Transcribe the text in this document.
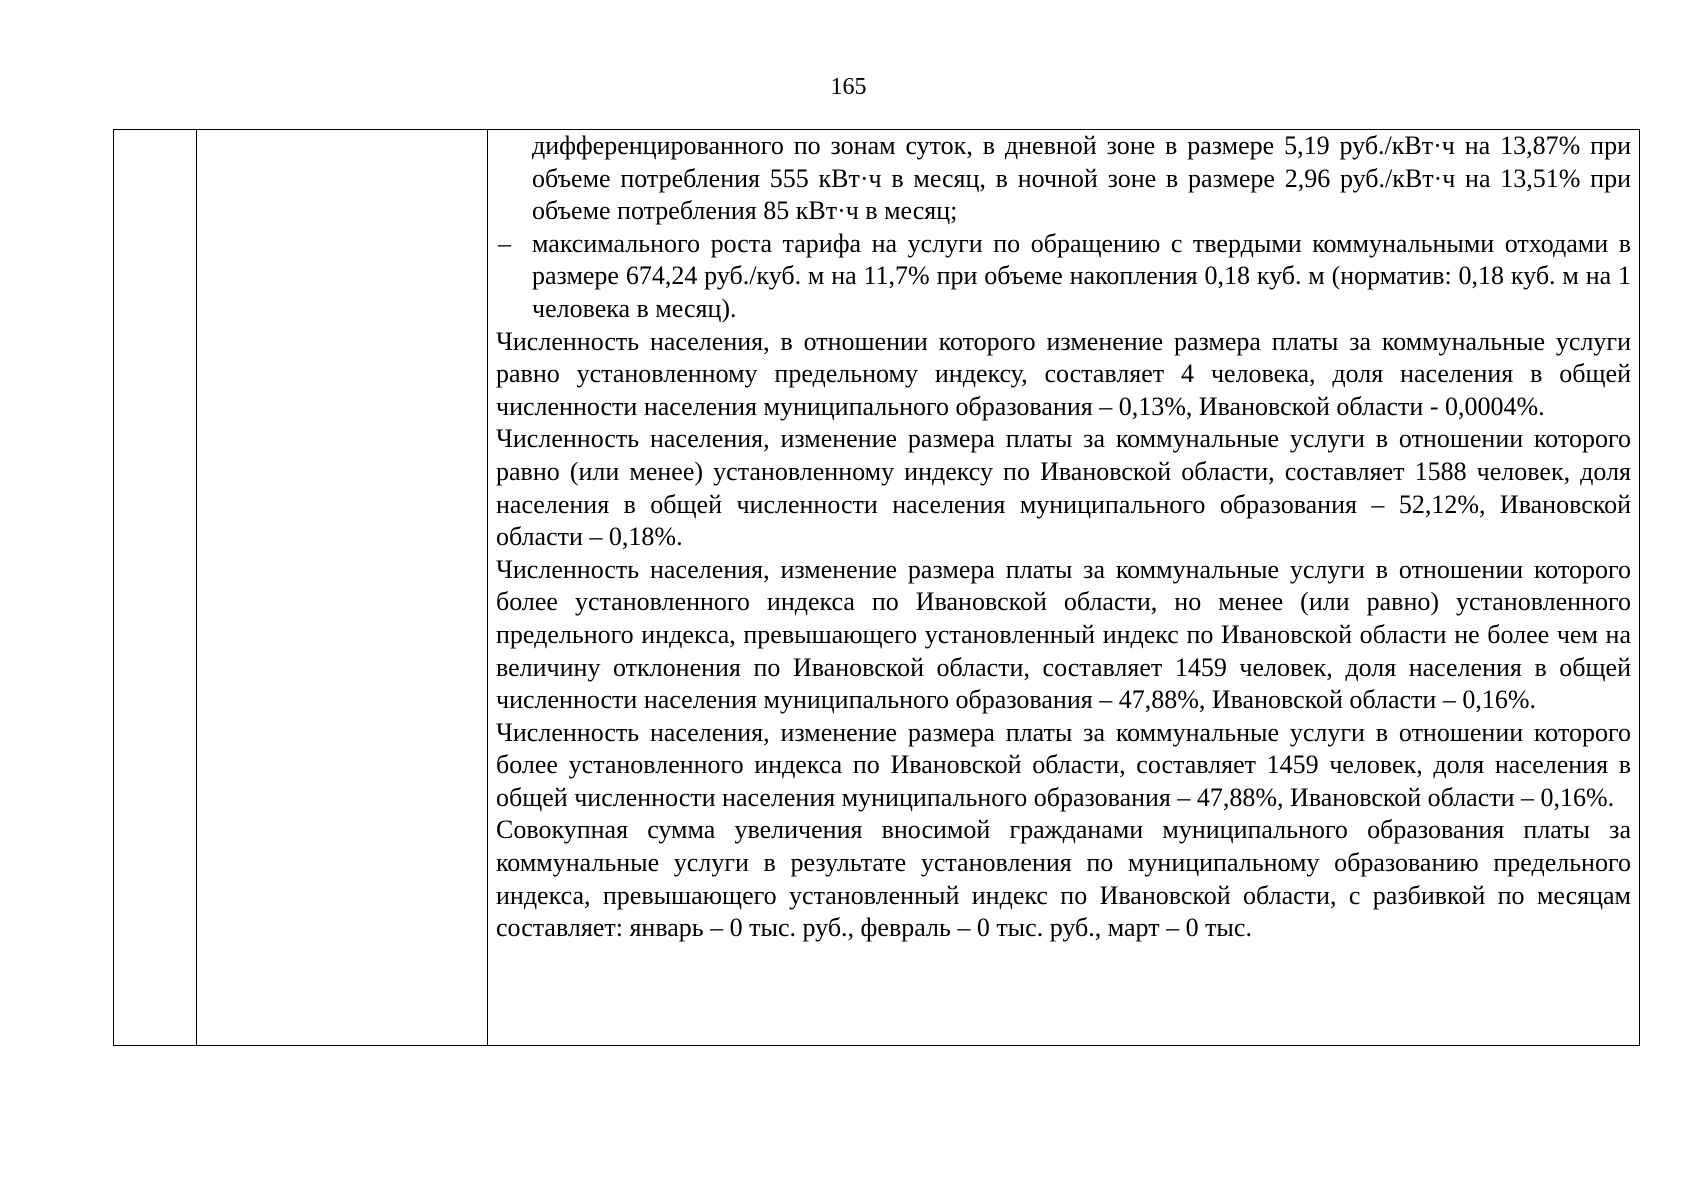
165

дифференцированного по зонам суток, в дневной зоне в размере 5,19 руб./кВт·ч на 13,87% при объеме потребления 555 кВт·ч в месяц, в ночной зоне в размере 2,96 руб./кВт·ч на 13,51% при объеме потребления 85 кВт·ч в месяц;

– максимального роста тарифа на услуги по обращению с твердыми коммунальными отходами в размере 674,24 руб./куб. м на 11,7% при объеме накопления 0,18 куб. м (норматив: 0,18 куб. м на 1 человека в месяц).

Численность населения, в отношении которого изменение размера платы за коммунальные услуги равно установленному предельному индексу, составляет 4 человека, доля населения в общей численности населения муниципального образования – 0,13%, Ивановской области - 0,0004%.

Численность населения, изменение размера платы за коммунальные услуги в отношении которого равно (или менее) установленному индексу по Ивановской области, составляет 1588 человек, доля населения в общей численности населения муниципального образования – 52,12%, Ивановской области – 0,18%.

Численность населения, изменение размера платы за коммунальные услуги в отношении которого более установленного индекса по Ивановской области, но менее (или равно) установленного предельного индекса, превышающего установленный индекс по Ивановской области не более чем на величину отклонения по Ивановской области, составляет 1459 человек, доля населения в общей численности населения муниципального образования – 47,88%, Ивановской области – 0,16%.

Численность населения, изменение размера платы за коммунальные услуги в отношении которого более установленного индекса по Ивановской области, составляет 1459 человек, доля населения в общей численности населения муниципального образования – 47,88%, Ивановской области – 0,16%.

Совокупная сумма увеличения вносимой гражданами муниципального образования платы за коммунальные услуги в результате установления по муниципальному образованию предельного индекса, превышающего установленный индекс по Ивановской области, с разбивкой по месяцам составляет: январь – 0 тыс. руб., февраль – 0 тыс. руб., март – 0 тыс.
